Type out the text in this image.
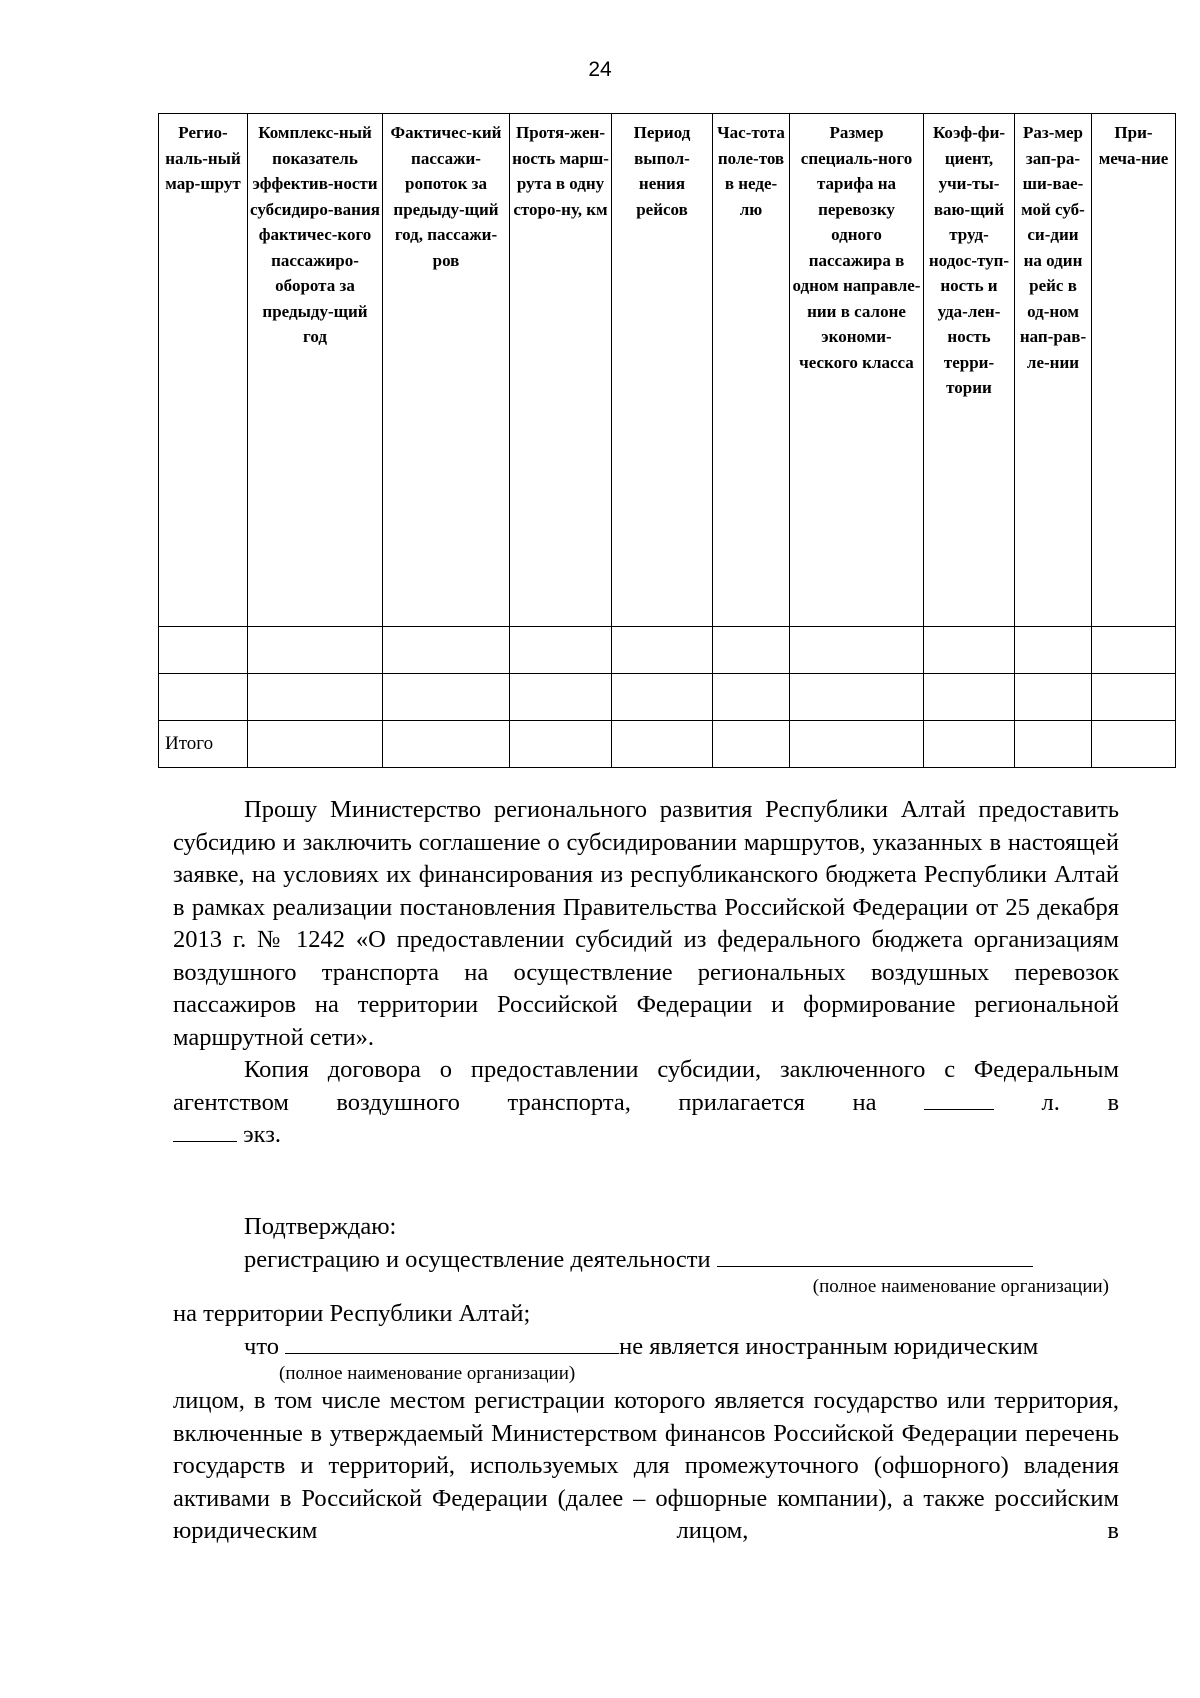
24
Регио-наль-ный мар-шрут	Комплекс-ный показатель эффектив-ности субсидиро-вания фактичес-кого пассажиро-оборота за предыду-щий год	Фактичес-кий пассажи-ропоток за предыду-щий год, пассажи-ров	Протя-жен-ность марш-рута в одну сторо-ну, км	Период выпол-нения рейсов	Час-тота поле-тов в неде-лю	Размер специаль-ного тарифа на перевозку одного пассажира в одном направле-нии в салоне экономи-ческого класса	Коэф-фи-циент, учи-ты-ваю-щий труд-нодос-туп-ность и уда-лен-ность терри-тории	Раз-мер зап-ра-ши-вае-мой суб-си-дии на один рейс в од-ном нап-рав-ле-нии	При-меча-ние

Итого									

Прошу Министерство регионального развития Республики Алтай предоставить субсидию и заключить соглашение о субсидировании маршрутов, указанных в настоящей заявке, на условиях их финансирования из республиканского бюджета Республики Алтай в рамках реализации постановления Правительства Российской Федерации от 25 декабря 2013 г. № 1242 «О предоставлении субсидий из федерального бюджета организациям воздушного транспорта на осуществление региональных воздушных перевозок пассажиров на территории Российской Федерации и формирование региональной маршрутной сети».

Копия договора о предоставлении субсидии, заключенного с Федеральным агентством воздушного транспорта, прилагается на	л. в

экз.

Подтверждаю:

регистрацию и осуществление деятельности

(полное наименование организации)

на территории Республики Алтай;

что	не является иностранным юридическим

(полное наименование организации)

лицом, в том числе местом регистрации которого является государство или территория, включенные в утверждаемый Министерством финансов Российской Федерации перечень государств и территорий, используемых для промежуточного (офшорного) владения активами в Российской Федерации (далее – офшорные компании), а также российским юридическим лицом, в
